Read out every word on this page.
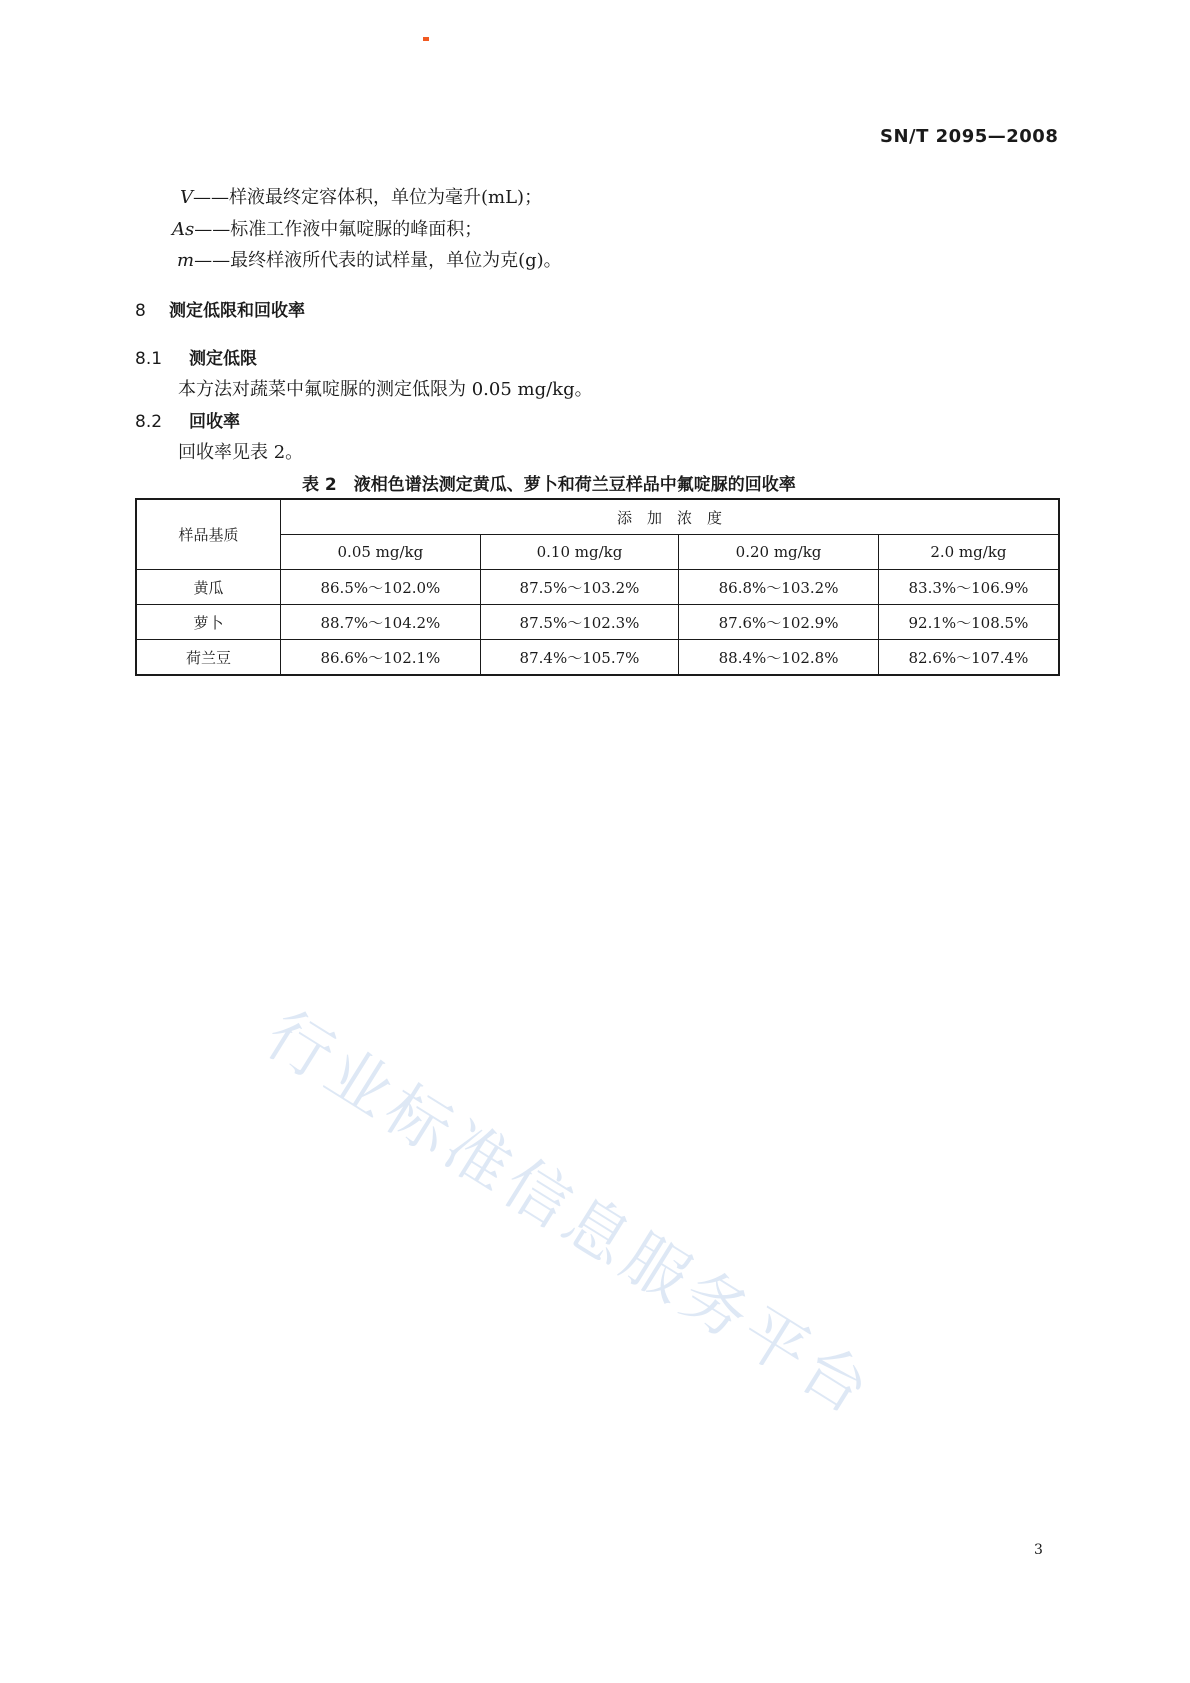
SN/T 2095—2008
V——样液最终定容体积，单位为毫升(mL)；
As——标准工作液中氟啶脲的峰面积；
m——最终样液所代表的试样量，单位为克(g)。
8 测定低限和回收率
8.1 测定低限
本方法对蔬菜中氟啶脲的测定低限为 0.05 mg/kg。
8.2 回收率
回收率见表 2。
表 2　液相色谱法测定黄瓜、萝卜和荷兰豆样品中氟啶脲的回收率
样品基质	添　加　浓　度			
	0.05 mg/kg	0.10 mg/kg	0.20 mg/kg	2.0 mg/kg
黄瓜	86.5%～102.0%	87.5%～103.2%	86.8%～103.2%	83.3%～106.9%
萝卜	88.7%～104.2%	87.5%～102.3%	87.6%～102.9%	92.1%～108.5%
荷兰豆	86.6%～102.1%	87.4%～105.7%	88.4%～102.8%	82.6%～107.4%
行业标准信息服务平台
3
